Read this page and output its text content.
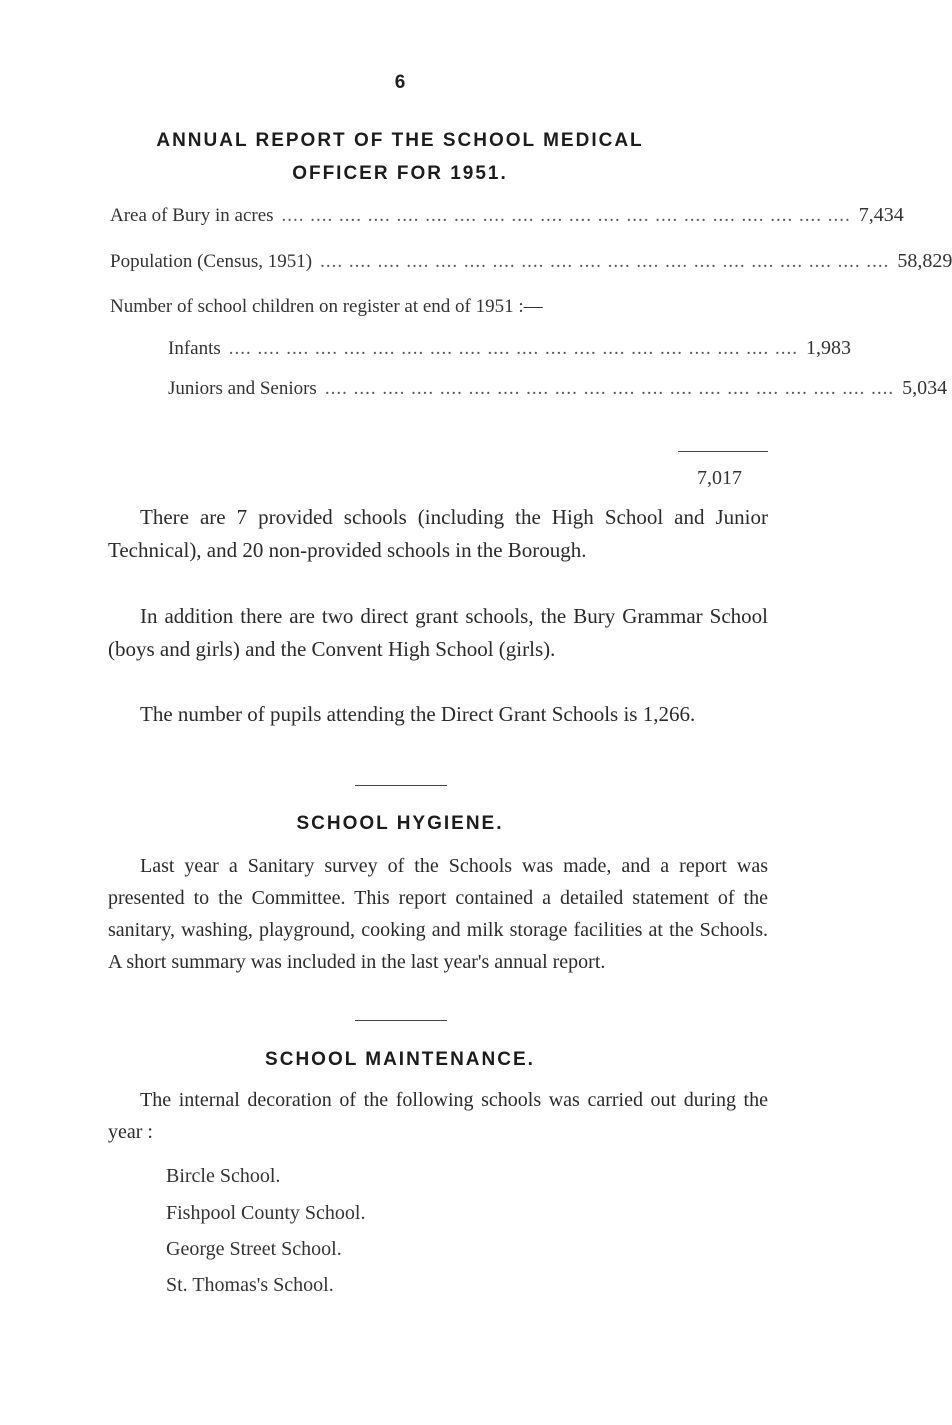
6
ANNUAL REPORT OF THE SCHOOL MEDICAL
OFFICER FOR 1951.
Area of Bury in acres .... .... .... .... .... .... .... .... .... .... .... .... .... .... .... .... .... .... .... .... 7,434
Population (Census, 1951) .... .... .... .... .... .... .... .... .... .... .... .... .... .... .... .... .... .... .... .... 58,829
Number of school children on register at end of 1951 :—
Infants .... .... .... .... .... .... .... .... .... .... .... .... .... .... .... .... .... .... .... .... 1,983
Juniors and Seniors .... .... .... .... .... .... .... .... .... .... .... .... .... .... .... .... .... .... .... .... 5,034
7,017
There are 7 provided schools (including the High School and Junior Technical), and 20 non-provided schools in the Borough.
In addition there are two direct grant schools, the Bury Grammar School (boys and girls) and the Convent High School (girls).
The number of pupils attending the Direct Grant Schools is 1,266.
SCHOOL HYGIENE.
Last year a Sanitary survey of the Schools was made, and a report was presented to the Committee. This report contained a detailed statement of the sanitary, washing, playground, cooking and milk storage facilities at the Schools. A short summary was included in the last year's annual report.
SCHOOL MAINTENANCE.
The internal decoration of the following schools was carried out during the year :
Bircle School.
Fishpool County School.
George Street School.
St. Thomas's School.
